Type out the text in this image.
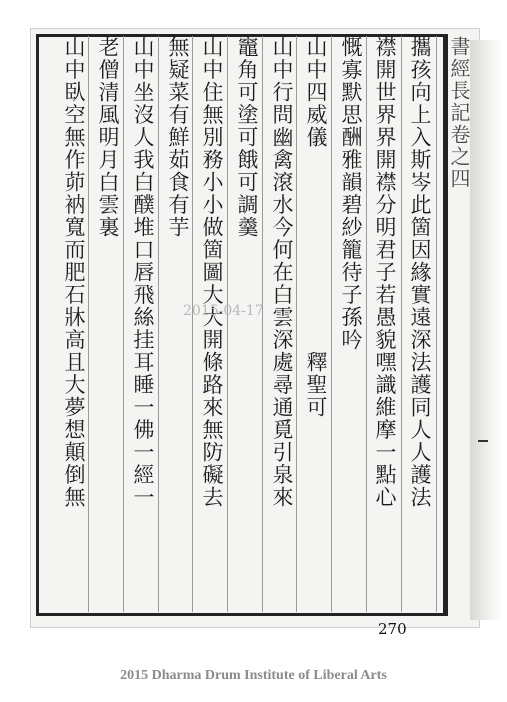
書經長記卷之四
攜孩向上入斯岑此箇因緣實遠深法護同人人護法
襟開世界界開襟分明君子若愚貌嘿識維摩一點心
慨寡默思酬雅韻碧紗籠待子孫吟
山中四威儀　　　　　　　　　釋聖可
山中行問幽禽滾水今何在白雲深處尋通覓引泉來
竈角可塗可餓可調羹
山中住無別務小小做箇圖大大開條路來無防礙去
無疑菜有鮮茹食有芋
山中坐沒人我白醭堆口唇飛絲挂耳睡一佛一經一
老僧清風明月白雲裏
山中臥空無作茆衲寬而肥石牀高且大夢想顛倒無	2015-04-17
270
2015 Dharma Drum Institute of Liberal Arts
